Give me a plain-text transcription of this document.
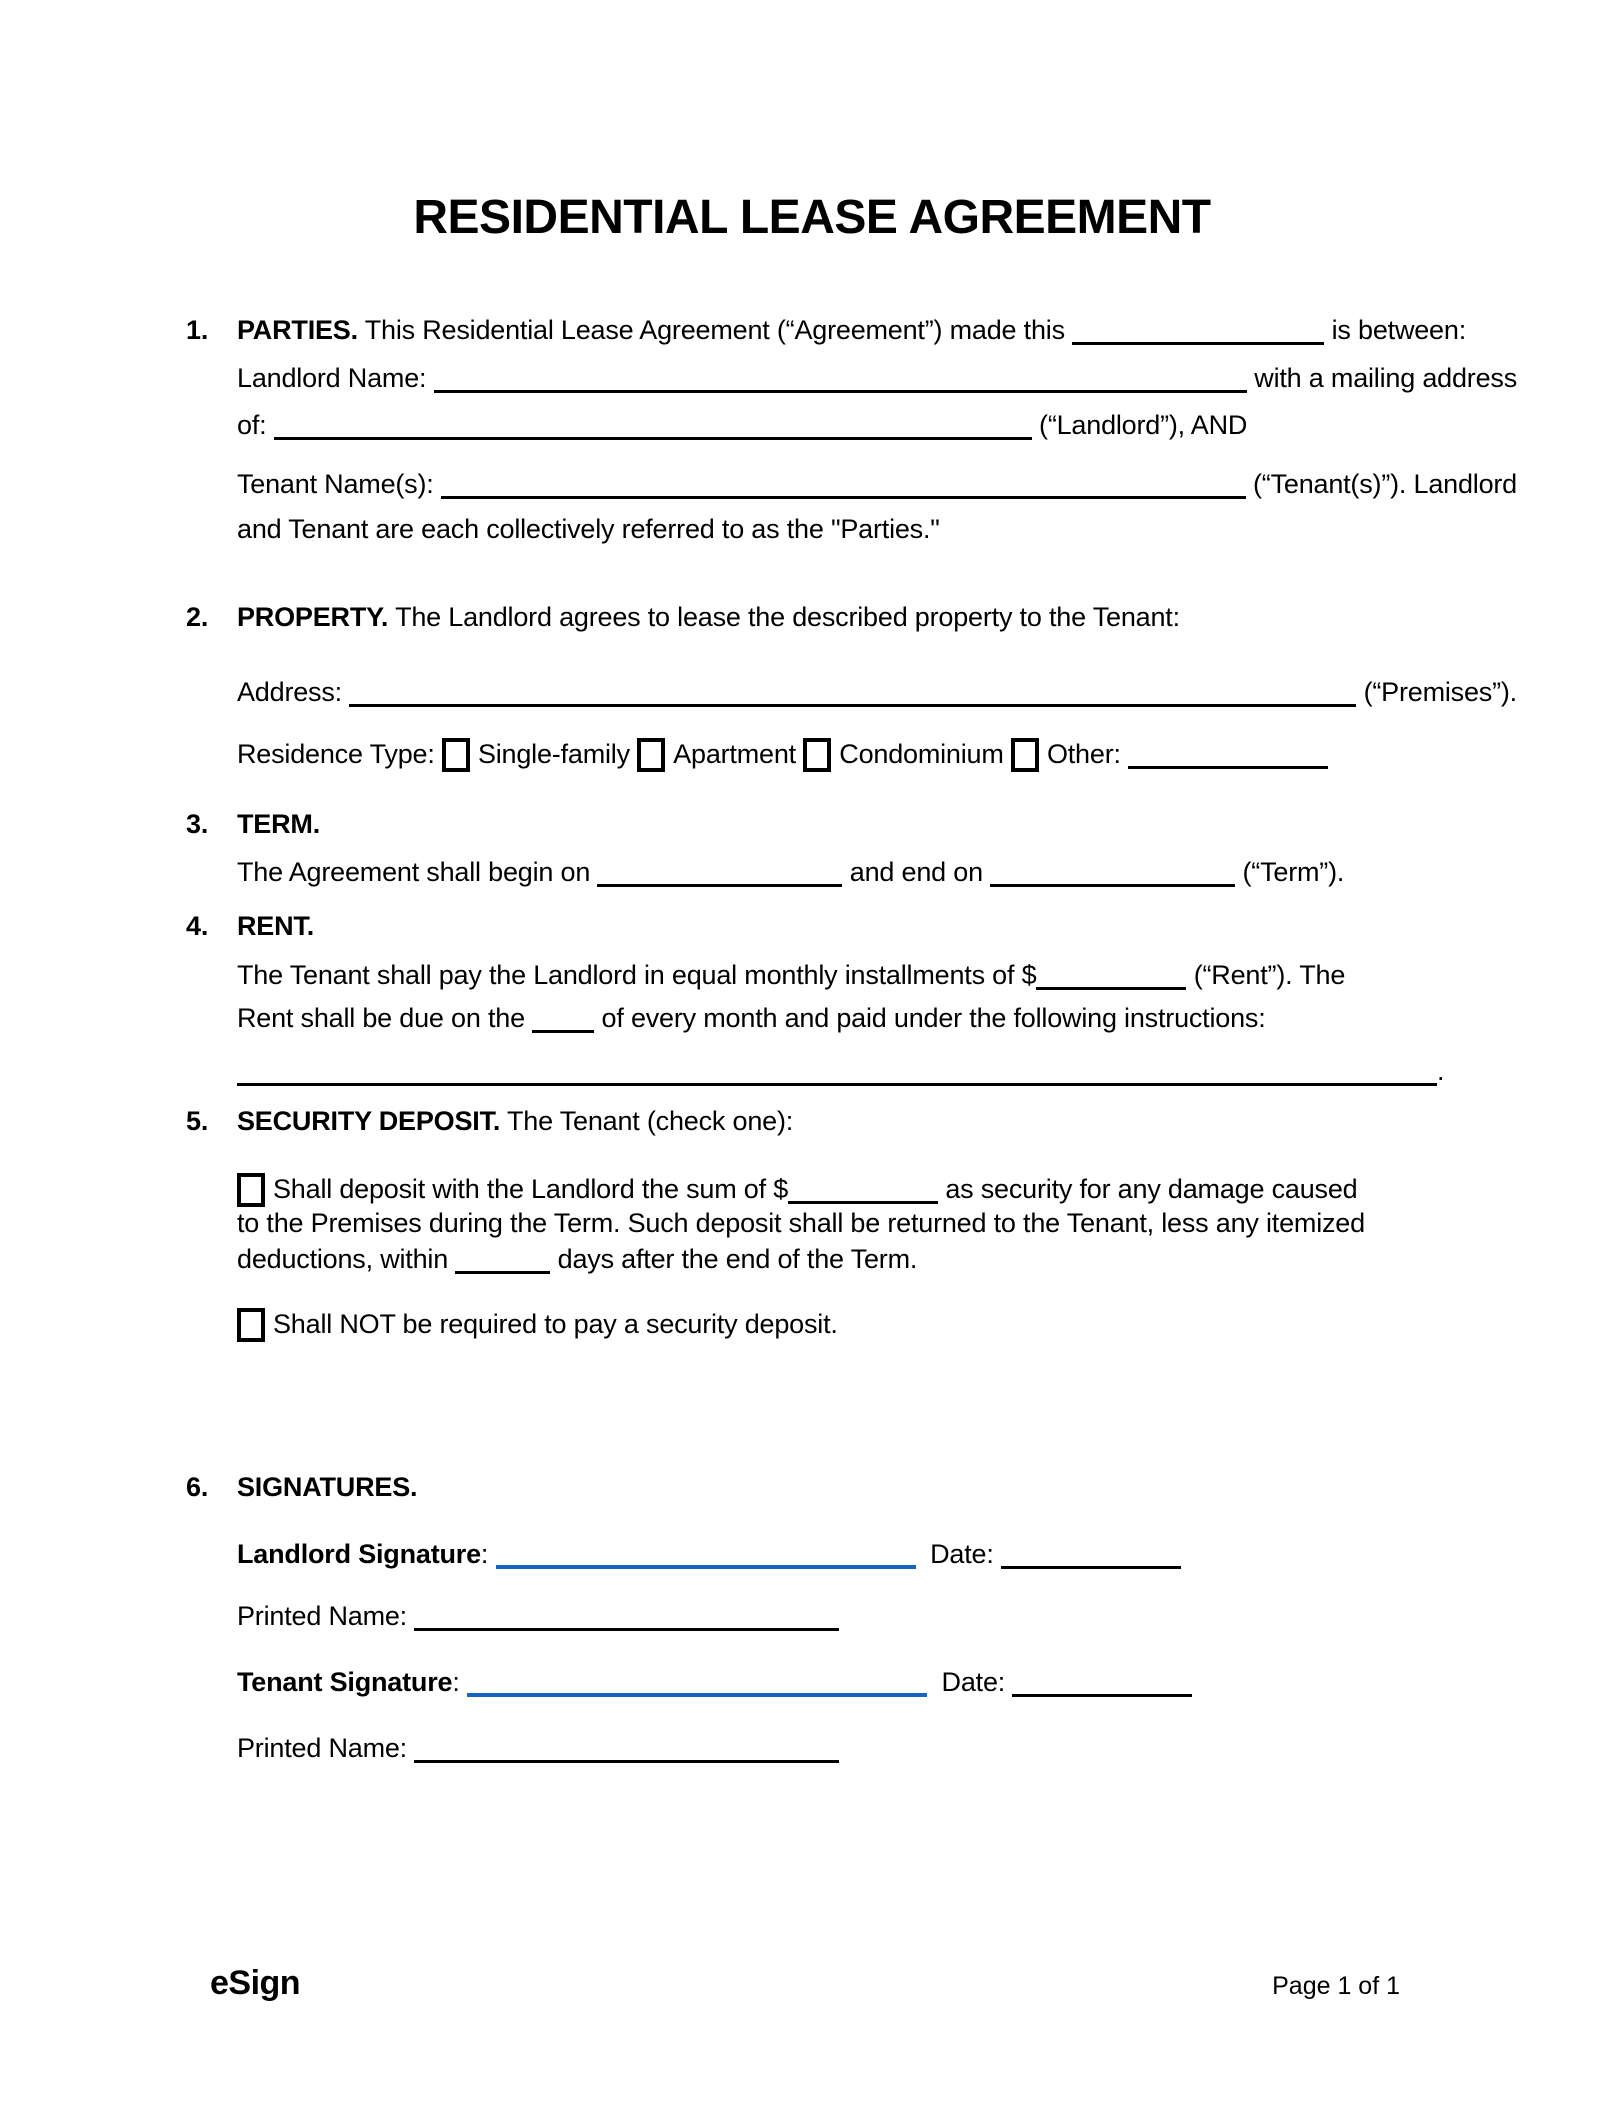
RESIDENTIAL LEASE AGREEMENT
1.	PARTIES. This Residential Lease Agreement (“Agreement”) made this	is between:
Landlord Name:	with a mailing address
of:	(“Landlord”), AND
Tenant Name(s):	(“Tenant(s)”). Landlord
and Tenant are each collectively referred to as the "Parties."
2. PROPERTY. The Landlord agrees to lease the described property to the Tenant:
Address:	(“Premises”).
Residence Type: Single-family Apartment Condominium Other:
3. TERM.
The Agreement shall begin on	and end on	(“Term”).
4. RENT.
The Tenant shall pay the Landlord in equal monthly installments of $	(“Rent”). The
Rent shall be due on the  of every month and paid under the following instructions:
.
5. SECURITY DEPOSIT. The Tenant (check one):
Shall deposit with the Landlord the sum of $	as security for any damage caused
to the Premises during the Term. Such deposit shall be returned to the Tenant, less any itemized
deductions, within	days after the end of the Term.
Shall NOT be required to pay a security deposit.
6. SIGNATURES.
Landlord Signature:	Date:
Printed Name:
Tenant Signature:	Date:
Printed Name:
eSign	Page 1 of 1
